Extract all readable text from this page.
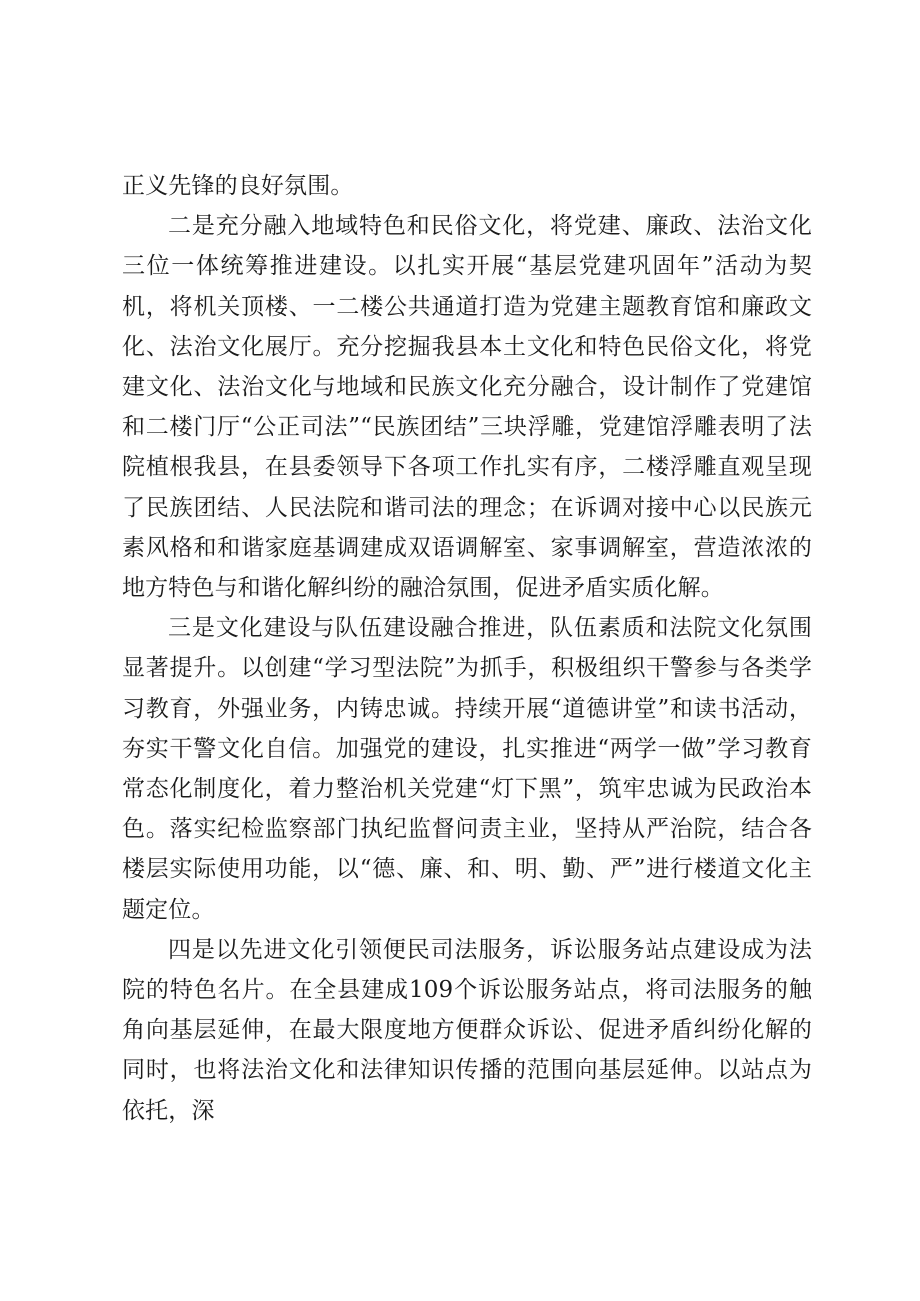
正义先锋的良好氛围。

二是充分融入地域特色和民俗文化，将党建、廉政、法治文化三位一体统筹推进建设。以扎实开展“基层党建巩固年”活动为契机，将机关顶楼、一二楼公共通道打造为党建主题教育馆和廉政文化、法治文化展厅。充分挖掘我县本土文化和特色民俗文化，将党建文化、法治文化与地域和民族文化充分融合，设计制作了党建馆和二楼门厅“公正司法”“民族团结”三块浮雕，党建馆浮雕表明了法院植根我县，在县委领导下各项工作扎实有序，二楼浮雕直观呈现了民族团结、人民法院和谐司法的理念；在诉调对接中心以民族元素风格和和谐家庭基调建成双语调解室、家事调解室，营造浓浓的地方特色与和谐化解纠纷的融洽氛围，促进矛盾实质化解。

三是文化建设与队伍建设融合推进，队伍素质和法院文化氛围显著提升。以创建“学习型法院”为抓手，积极组织干警参与各类学习教育，外强业务，内铸忠诚。持续开展“道德讲堂”和读书活动，夯实干警文化自信。加强党的建设，扎实推进“两学一做”学习教育常态化制度化，着力整治机关党建“灯下黑”，筑牢忠诚为民政治本色。落实纪检监察部门执纪监督问责主业，坚持从严治院，结合各楼层实际使用功能，以“德、廉、和、明、勤、严”进行楼道文化主题定位。

四是以先进文化引领便民司法服务，诉讼服务站点建设成为法院的特色名片。在全县建成109个诉讼服务站点，将司法服务的触角向基层延伸，在最大限度地方便群众诉讼、促进矛盾纠纷化解的同时，也将法治文化和法律知识传播的范围向基层延伸。以站点为依托，深
